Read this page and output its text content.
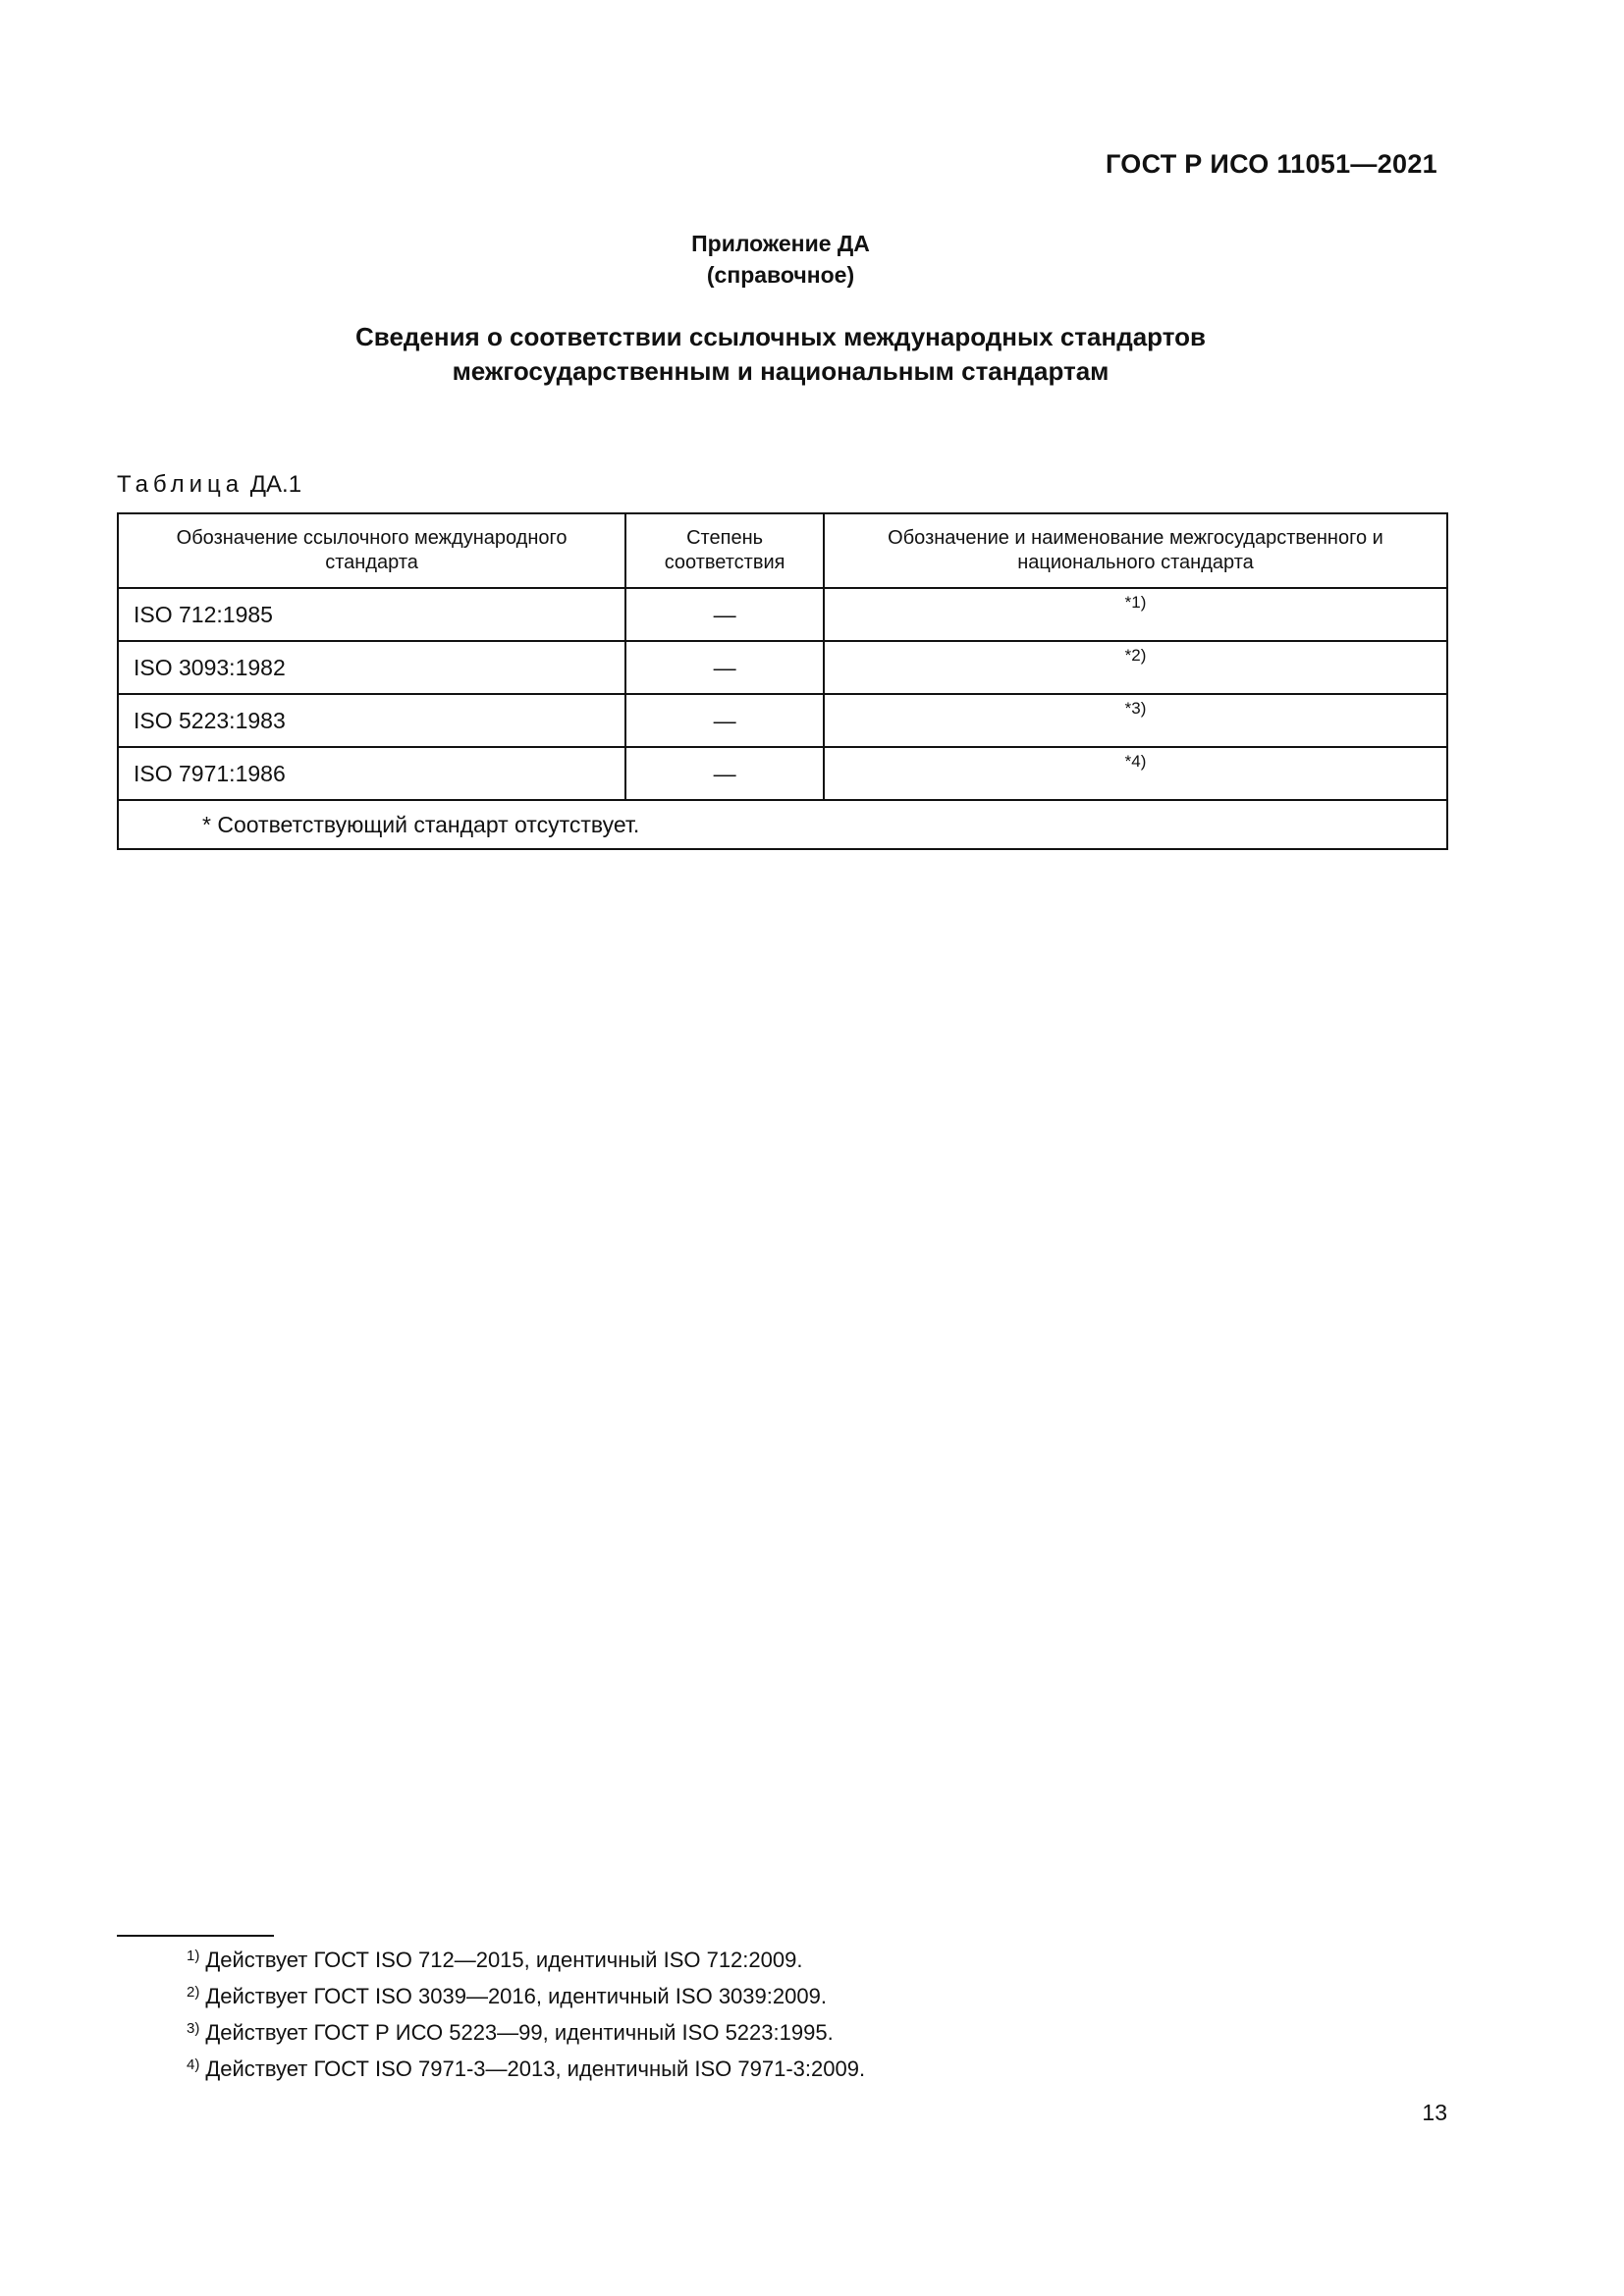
ГОСТ Р ИСО 11051—2021
Приложение ДА
(справочное)
Сведения о соответствии ссылочных международных стандартов
межгосударственным и национальным стандартам
Таблица ДА.1
Обозначение ссылочного международного стандарта	Степень соответствия	Обозначение и наименование межгосударственного и национального стандарта
ISO 712:1985	—	*1)
ISO 3093:1982	—	*2)
ISO 5223:1983	—	*3)
ISO 7971:1986	—	*4)
* Соответствующий стандарт отсутствует.		
$^{1)}$ Действует ГОСТ ISO 712—2015, идентичный ISO 712:2009.
$^{2)}$ Действует ГОСТ ISO 3039—2016, идентичный ISO 3039:2009.
$^{3)}$ Действует ГОСТ Р ИСО 5223—99, идентичный ISO 5223:1995.
$^{4)}$ Действует ГОСТ ISO 7971-3—2013, идентичный ISO 7971-3:2009.
13
